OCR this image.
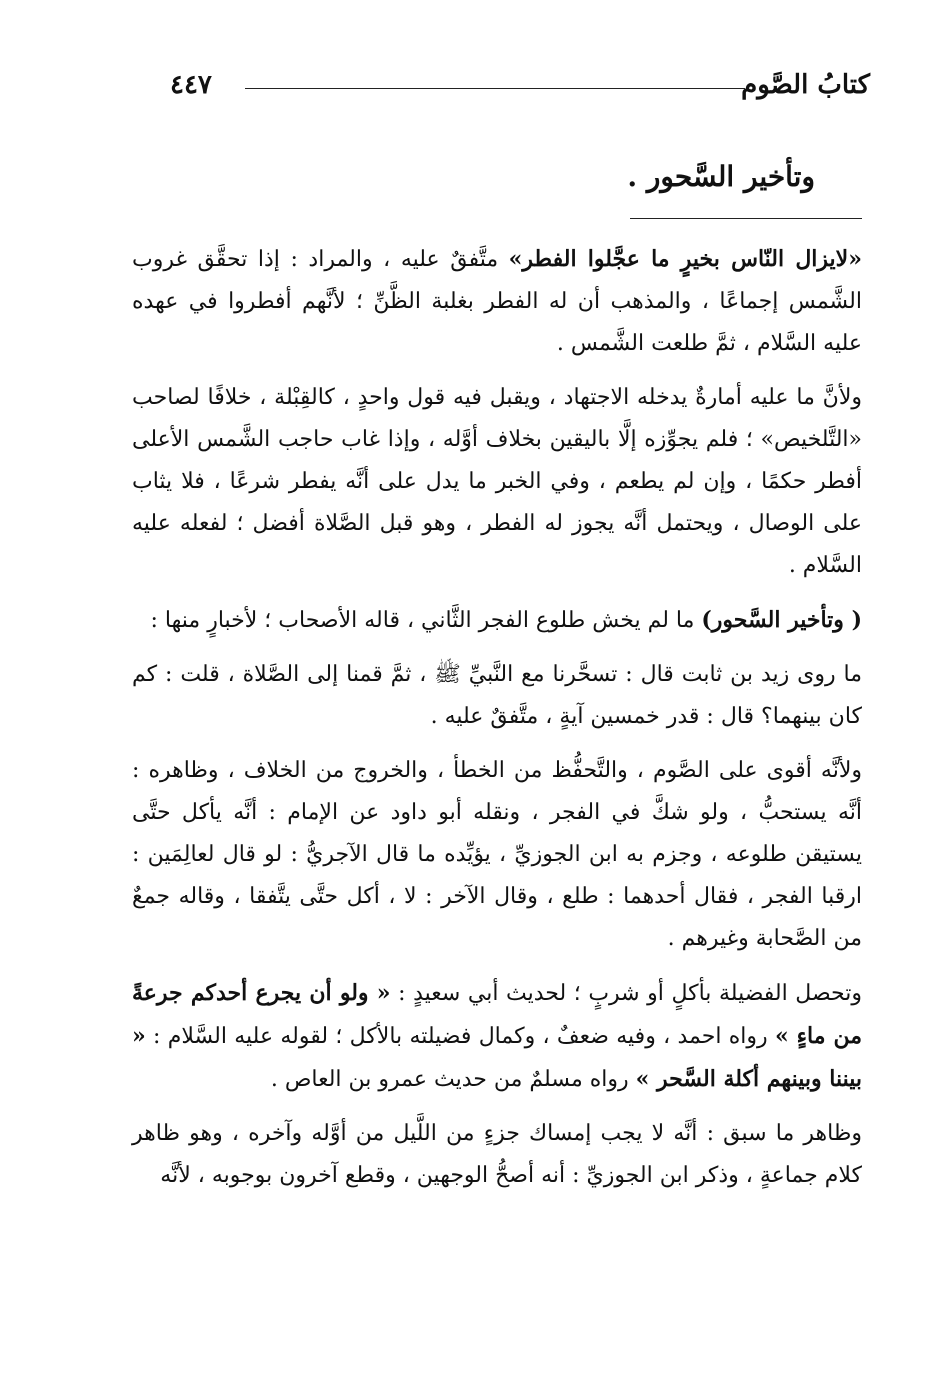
كتابُ الصَّوم
٤٤٧
وتأخير السَّحور .

«لايزال النّاس بخيرٍ ما عجَّلوا الفطر» متَّفقٌ عليه ، والمراد : إذا تحقَّق غروب الشَّمس إجماعًا ، والمذهب أن له الفطر بغلبة الظَّنِّ ؛ لأنَّهم أفطروا في عهده عليه السَّلام ، ثمَّ طلعت الشَّمس .

ولأنَّ ما عليه أمارةٌ يدخله الاجتهاد ، ويقبل فيه قول واحدٍ ، كالقِبْلة ، خلافًا لصاحب «التَّلخيص» ؛ فلم يجوِّزه إلَّا باليقين بخلاف أوَّله ، وإذا غاب حاجب الشَّمس الأعلى أفطر حكمًا ، وإن لم يطعم ، وفي الخبر ما يدل على أنَّه يفطر شرعًا ، فلا يثاب على الوصال ، ويحتمل أنَّه يجوز له الفطر ، وهو قبل الصَّلاة أفضل ؛ لفعله عليه السَّلام .

( وتأخير السَّحور) ما لم يخش طلوع الفجر الثَّاني ، قاله الأصحاب ؛ لأخبارٍ منها :

ما روى زيد بن ثابت قال : تسحَّرنا مع النَّبيِّ ﷺ ، ثمَّ قمنا إلى الصَّلاة ، قلت : كم كان بينهما؟ قال : قدر خمسين آيةٍ ، متَّفقٌ عليه .

ولأنَّه أقوى على الصَّوم ، والتَّحفُّظ من الخطأ ، والخروج من الخلاف ، وظاهره : أنَّه يستحبُّ ، ولو شكَّ في الفجر ، ونقله أبو داود عن الإمام : أنَّه يأكل حتَّى يستيقن طلوعه ، وجزم به ابن الجوزيِّ ، يؤيِّده ما قال الآجريُّ : لو قال لعالِمَين : ارقبا الفجر ، فقال أحدهما : طلع ، وقال الآخر : لا ، أكل حتَّى يتَّفقا ، وقاله جمعٌ من الصَّحابة وغيرهم .

وتحصل الفضيلة بأكلٍ أو شربٍ ؛ لحديث أبي سعيدٍ : « ولو أن يجرع أحدكم جرعةً من ماءٍ » رواه احمد ، وفيه ضعفٌ ، وكمال فضيلته بالأكل ؛ لقوله عليه السَّلام : « بيننا وبينهم أكلة السَّحر » رواه مسلمٌ من حديث عمرو بن العاص .

وظاهر ما سبق : أنَّه لا يجب إمساك جزءٍ من اللَّيل من أوَّله وآخره ، وهو ظاهر كلام جماعةٍ ، وذكر ابن الجوزيِّ : أنه أصحُّ الوجهين ، وقطع آخرون بوجوبه ، لأنَّه
